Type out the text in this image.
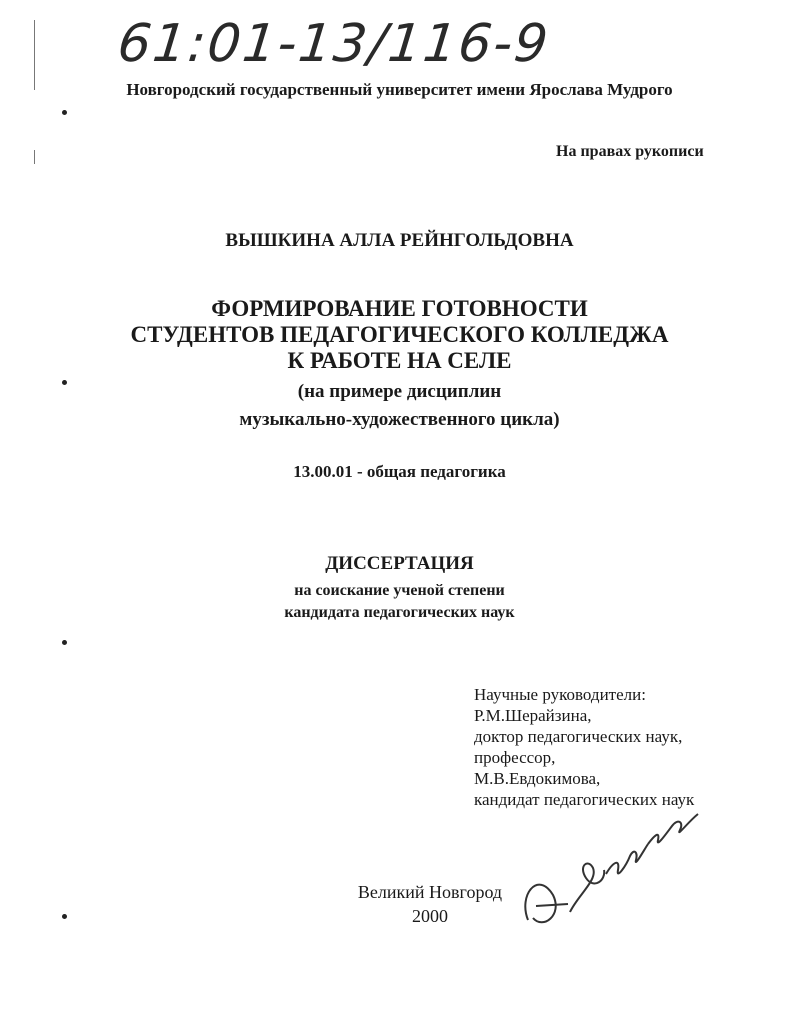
61:01-13/116-9
Новгородский государственный университет имени Ярослава Мудрого
На правах рукописи
ВЫШКИНА АЛЛА РЕЙНГОЛЬДОВНА
ФОРМИРОВАНИЕ ГОТОВНОСТИ
СТУДЕНТОВ ПЕДАГОГИЧЕСКОГО КОЛЛЕДЖА
К РАБОТЕ НА СЕЛЕ
(на примере дисциплин
музыкально-художественного цикла)
13.00.01 - общая педагогика
ДИССЕРТАЦИЯ
на соискание ученой степени
кандидата педагогических наук
Научные руководители:
Р.М.Шерайзина,
доктор педагогических наук,
профессор,
М.В.Евдокимова,
кандидат педагогических наук
Великий Новгород
2000
